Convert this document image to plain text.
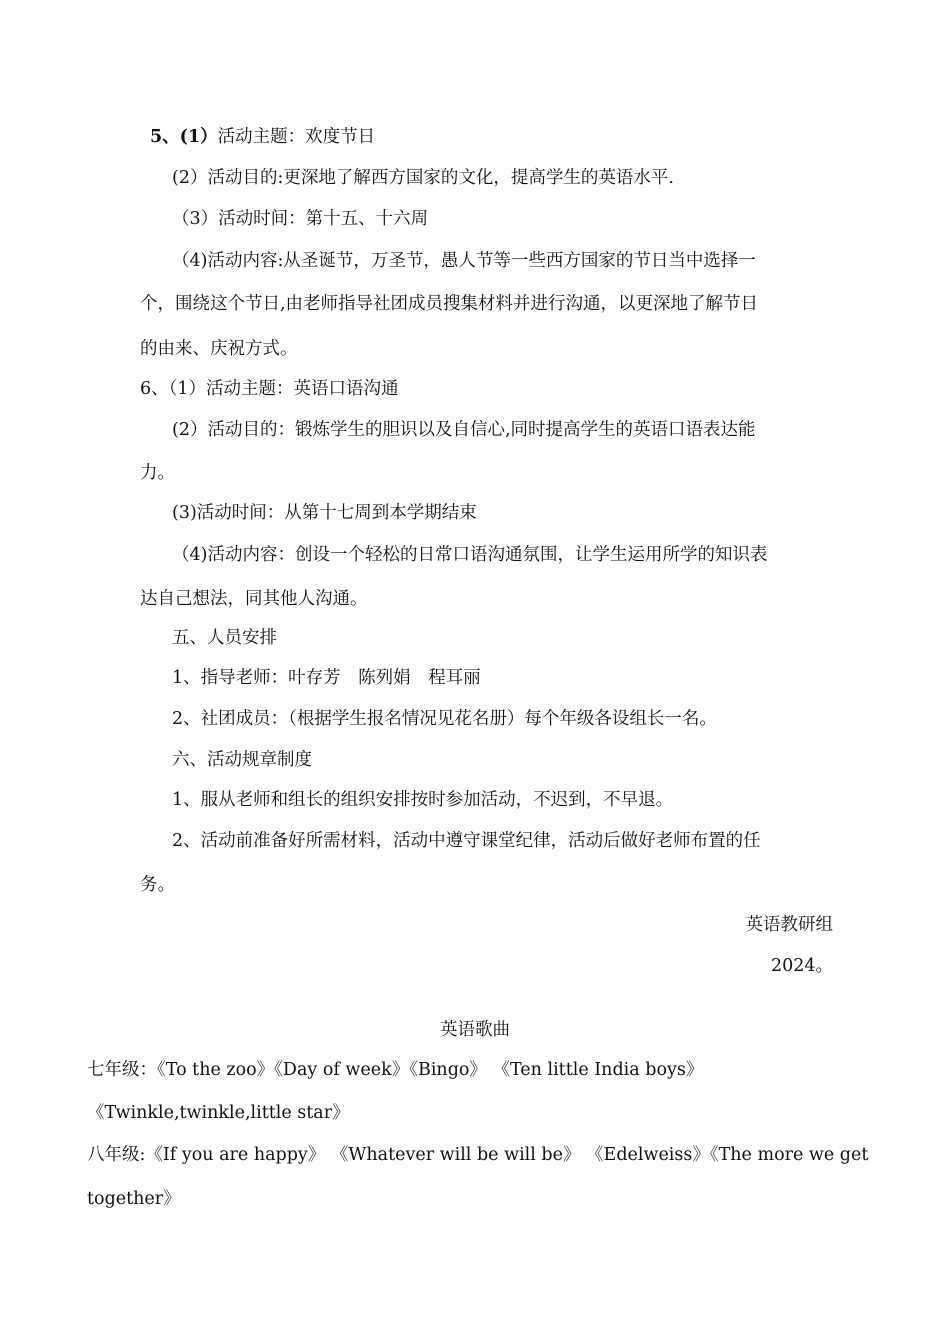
5、(1）活动主题：欢度节日
(2）活动目的:更深地了解西方国家的文化，提高学生的英语水平.
（3）活动时间：第十五、十六周
（4)活动内容:从圣诞节，万圣节，愚人节等一些西方国家的节日当中选择一
个，围绕这个节日,由老师指导社团成员搜集材料并进行沟通，以更深地了解节日
的由来、庆祝方式。
6、（1）活动主题：英语口语沟通
(2）活动目的：锻炼学生的胆识以及自信心,同时提高学生的英语口语表达能
力。
(3)活动时间：从第十七周到本学期结束
（4)活动内容：创设一个轻松的日常口语沟通氛围，让学生运用所学的知识表
达自己想法，同其他人沟通。
五、人员安排
1、指导老师：叶存芳　陈列娟　程耳丽
2、社团成员：（根据学生报名情况见花名册）每个年级各设组长一名。
六、活动规章制度
1、服从老师和组长的组织安排按时参加活动，不迟到，不早退。
2、活动前准备好所需材料，活动中遵守课堂纪律，活动后做好老师布置的任
务。
英语教研组
2024。
英语歌曲
七年级：《To the zoo》《Day of week》《Bingo》 《Ten little India boys》
《Twinkle,twinkle,little star》
八年级:《If you are happy》 《Whatever will be will be》 《Edelweiss》《The more we get
together》
